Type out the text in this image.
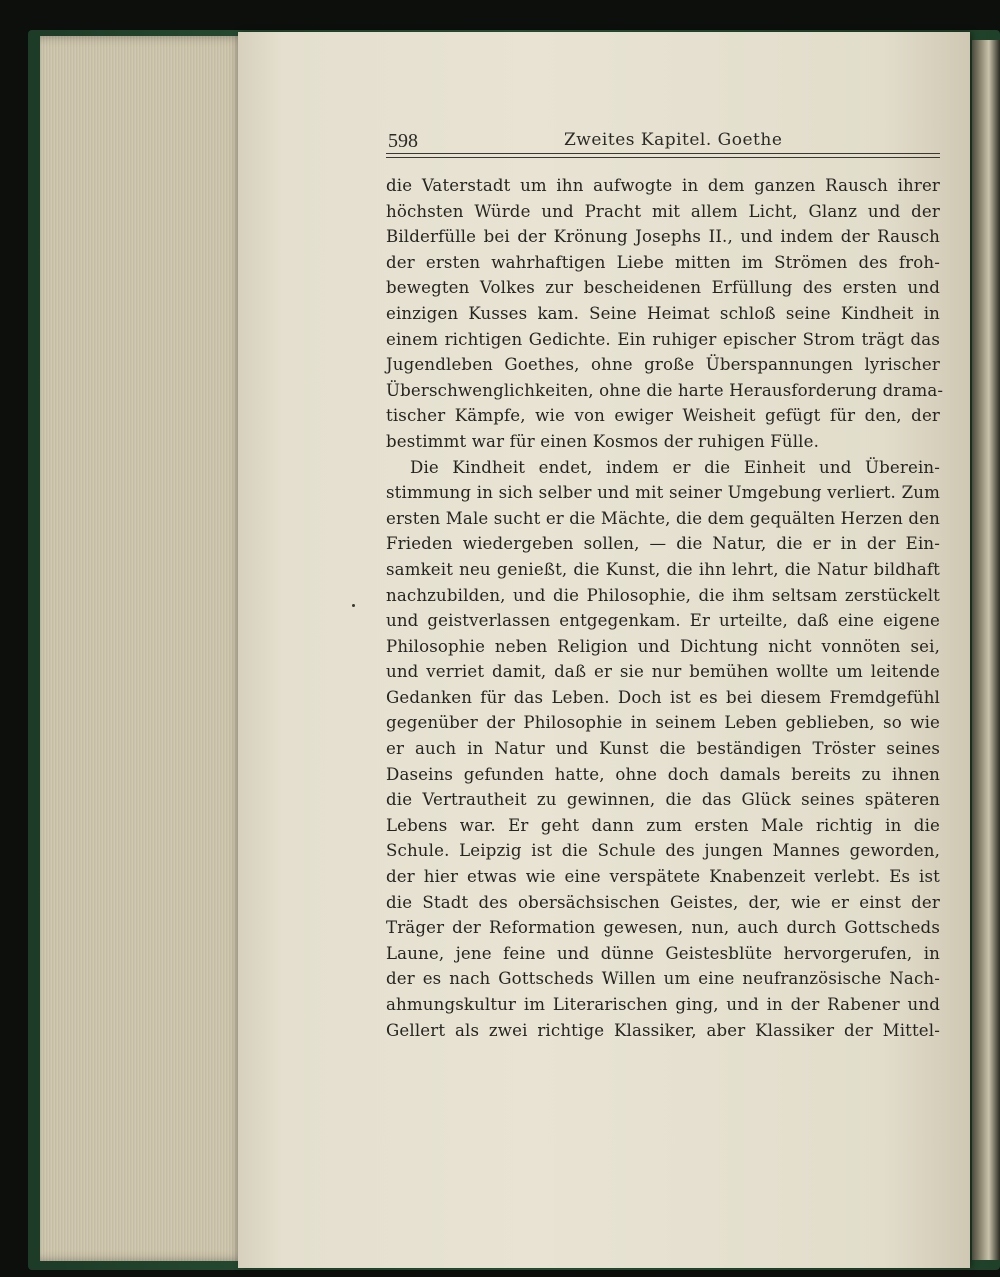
598	Zweites Kapitel. Goethe
die Vaterstadt um ihn aufwogte in dem ganzen Rausch ihrer
höchsten Würde und Pracht mit allem Licht, Glanz und der
Bilderfülle bei der Krönung Josephs II., und indem der Rausch
der ersten wahrhaftigen Liebe mitten im Strömen des froh-
bewegten Volkes zur bescheidenen Erfüllung des ersten und
einzigen Kusses kam. Seine Heimat schloß seine Kindheit in
einem richtigen Gedichte. Ein ruhiger epischer Strom trägt das
Jugendleben Goethes, ohne große Überspannungen lyrischer
Überschwenglichkeiten, ohne die harte Herausforderung drama-
tischer Kämpfe, wie von ewiger Weisheit gefügt für den, der
bestimmt war für einen Kosmos der ruhigen Fülle.
Die Kindheit endet, indem er die Einheit und Überein-
stimmung in sich selber und mit seiner Umgebung verliert. Zum
ersten Male sucht er die Mächte, die dem gequälten Herzen den
Frieden wiedergeben sollen, — die Natur, die er in der Ein-
samkeit neu genießt, die Kunst, die ihn lehrt, die Natur bildhaft
nachzubilden, und die Philosophie, die ihm seltsam zerstückelt
und geistverlassen entgegenkam. Er urteilte, daß eine eigene
Philosophie neben Religion und Dichtung nicht vonnöten sei,
und verriet damit, daß er sie nur bemühen wollte um leitende
Gedanken für das Leben. Doch ist es bei diesem Fremdgefühl
gegenüber der Philosophie in seinem Leben geblieben, so wie
er auch in Natur und Kunst die beständigen Tröster seines
Daseins gefunden hatte, ohne doch damals bereits zu ihnen
die Vertrautheit zu gewinnen, die das Glück seines späteren
Lebens war. Er geht dann zum ersten Male richtig in die
Schule. Leipzig ist die Schule des jungen Mannes geworden,
der hier etwas wie eine verspätete Knabenzeit verlebt. Es ist
die Stadt des obersächsischen Geistes, der, wie er einst der
Träger der Reformation gewesen, nun, auch durch Gottscheds
Laune, jene feine und dünne Geistesblüte hervorgerufen, in
der es nach Gottscheds Willen um eine neufranzösische Nach-
ahmungskultur im Literarischen ging, und in der Rabener und
Gellert als zwei richtige Klassiker, aber Klassiker der Mittel-
